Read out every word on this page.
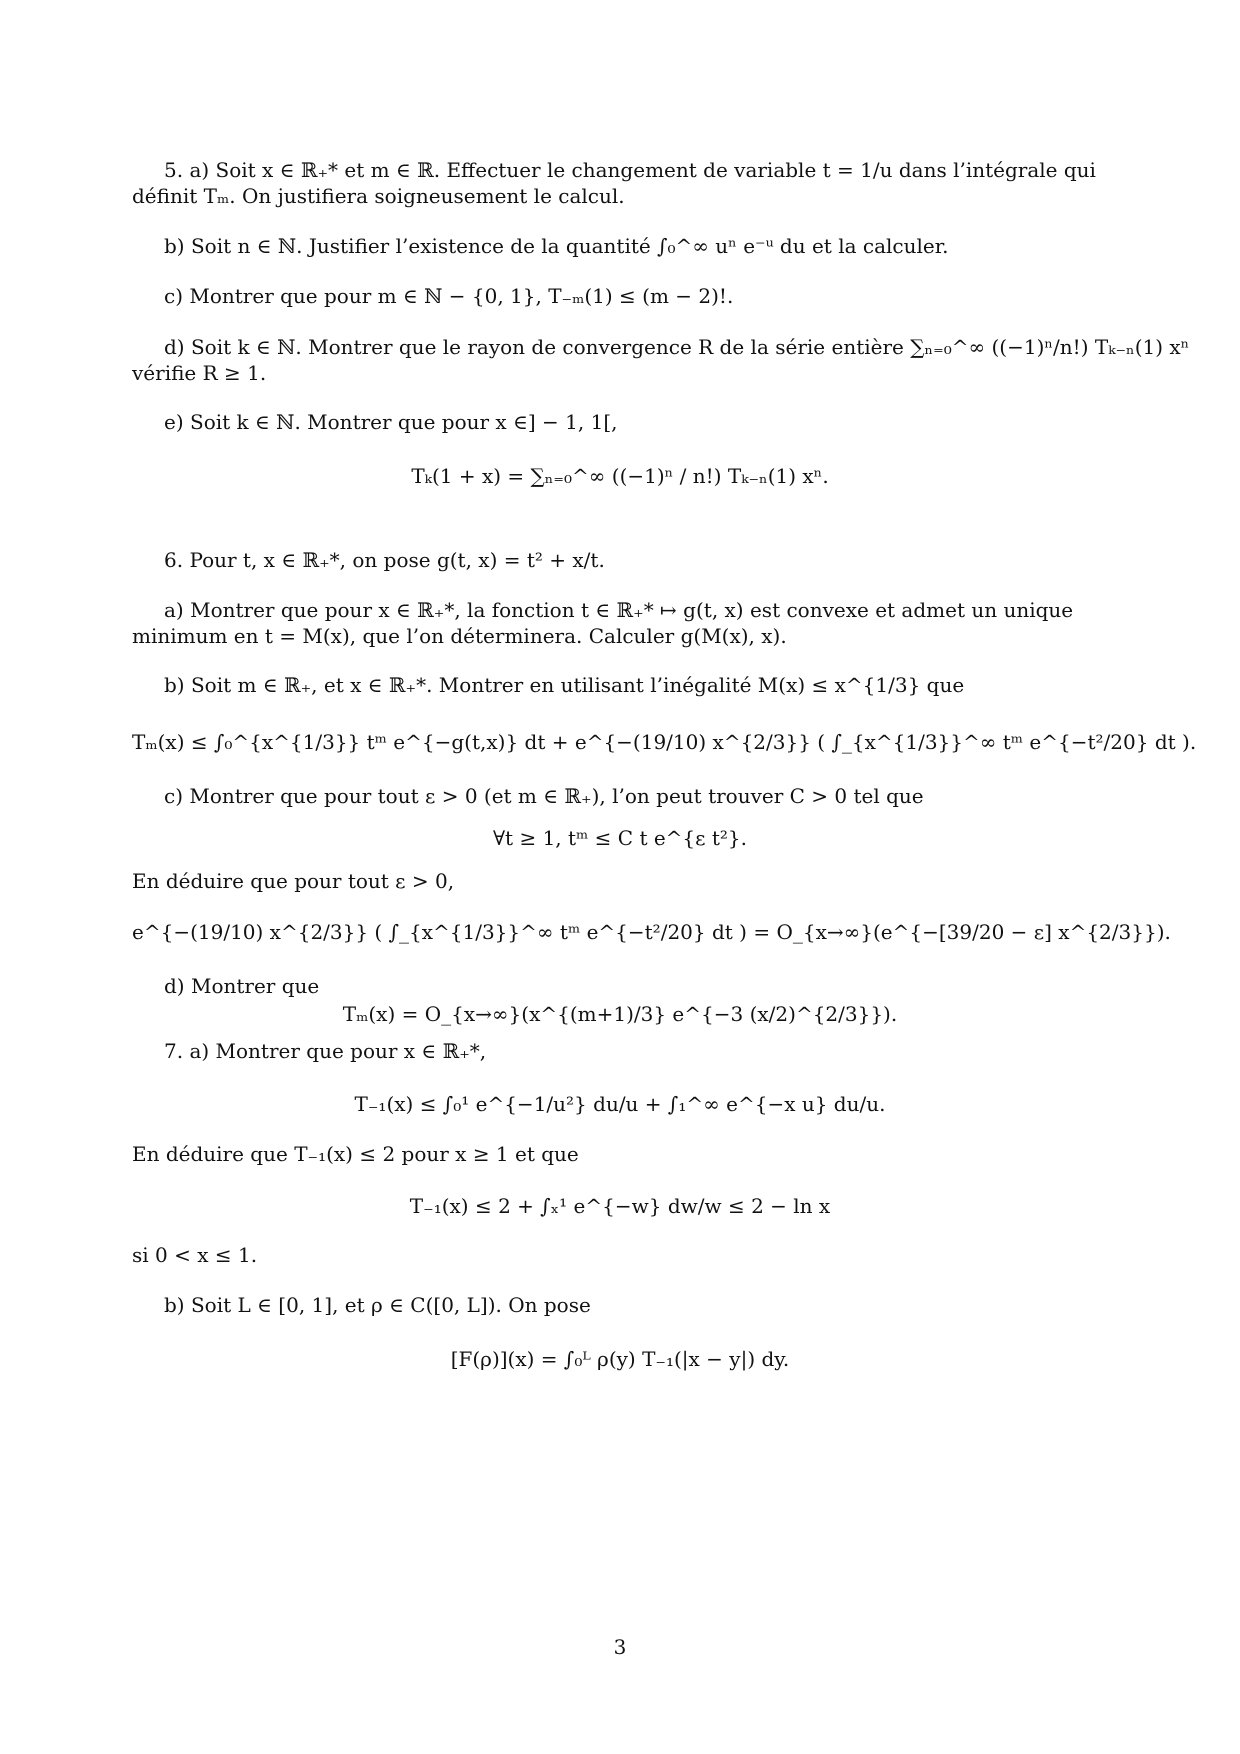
5. a) Soit x ∈ ℝ₊* et m ∈ ℝ. Effectuer le changement de variable t = 1/u dans l’intégrale qui
définit Tₘ. On justifiera soigneusement le calcul.
b) Soit n ∈ ℕ. Justifier l’existence de la quantité ∫₀^∞ uⁿ e⁻ᵘ du et la calculer.
c) Montrer que pour m ∈ ℕ − {0, 1}, T₋ₘ(1) ≤ (m − 2)!.
d) Soit k ∈ ℕ. Montrer que le rayon de convergence R de la série entière ∑ₙ₌₀^∞ ((−1)ⁿ/n!) Tₖ₋ₙ(1) xⁿ
vérifie R ≥ 1.
e) Soit k ∈ ℕ. Montrer que pour x ∈] − 1, 1[,
Tₖ(1 + x) = ∑ₙ₌₀^∞ ((−1)ⁿ / n!) Tₖ₋ₙ(1) xⁿ.
6. Pour t, x ∈ ℝ₊*, on pose g(t, x) = t² + x/t.
a) Montrer que pour x ∈ ℝ₊*, la fonction t ∈ ℝ₊* ↦ g(t, x) est convexe et admet un unique
minimum en t = M(x), que l’on déterminera. Calculer g(M(x), x).
b) Soit m ∈ ℝ₊, et x ∈ ℝ₊*. Montrer en utilisant l’inégalité M(x) ≤ x^{1/3} que
Tₘ(x) ≤ ∫₀^{x^{1/3}} tᵐ e^{−g(t,x)} dt + e^{−(19/10) x^{2/3}} ( ∫_{x^{1/3}}^∞ tᵐ e^{−t²/20} dt ).
c) Montrer que pour tout ε > 0 (et m ∈ ℝ₊), l’on peut trouver C > 0 tel que
∀t ≥ 1, tᵐ ≤ C t e^{ε t²}.
En déduire que pour tout ε > 0,
e^{−(19/10) x^{2/3}} ( ∫_{x^{1/3}}^∞ tᵐ e^{−t²/20} dt ) = O_{x→∞}(e^{−[39/20 − ε] x^{2/3}}).
d) Montrer que
Tₘ(x) = O_{x→∞}(x^{(m+1)/3} e^{−3 (x/2)^{2/3}}).
7. a) Montrer que pour x ∈ ℝ₊*,
T₋₁(x) ≤ ∫₀¹ e^{−1/u²} du/u + ∫₁^∞ e^{−x u} du/u.
En déduire que T₋₁(x) ≤ 2 pour x ≥ 1 et que
T₋₁(x) ≤ 2 + ∫ₓ¹ e^{−w} dw/w ≤ 2 − ln x
si 0 < x ≤ 1.
b) Soit L ∈ [0, 1], et ρ ∈ C([0, L]). On pose
[F(ρ)](x) = ∫₀ᴸ ρ(y) T₋₁(|x − y|) dy.
3
